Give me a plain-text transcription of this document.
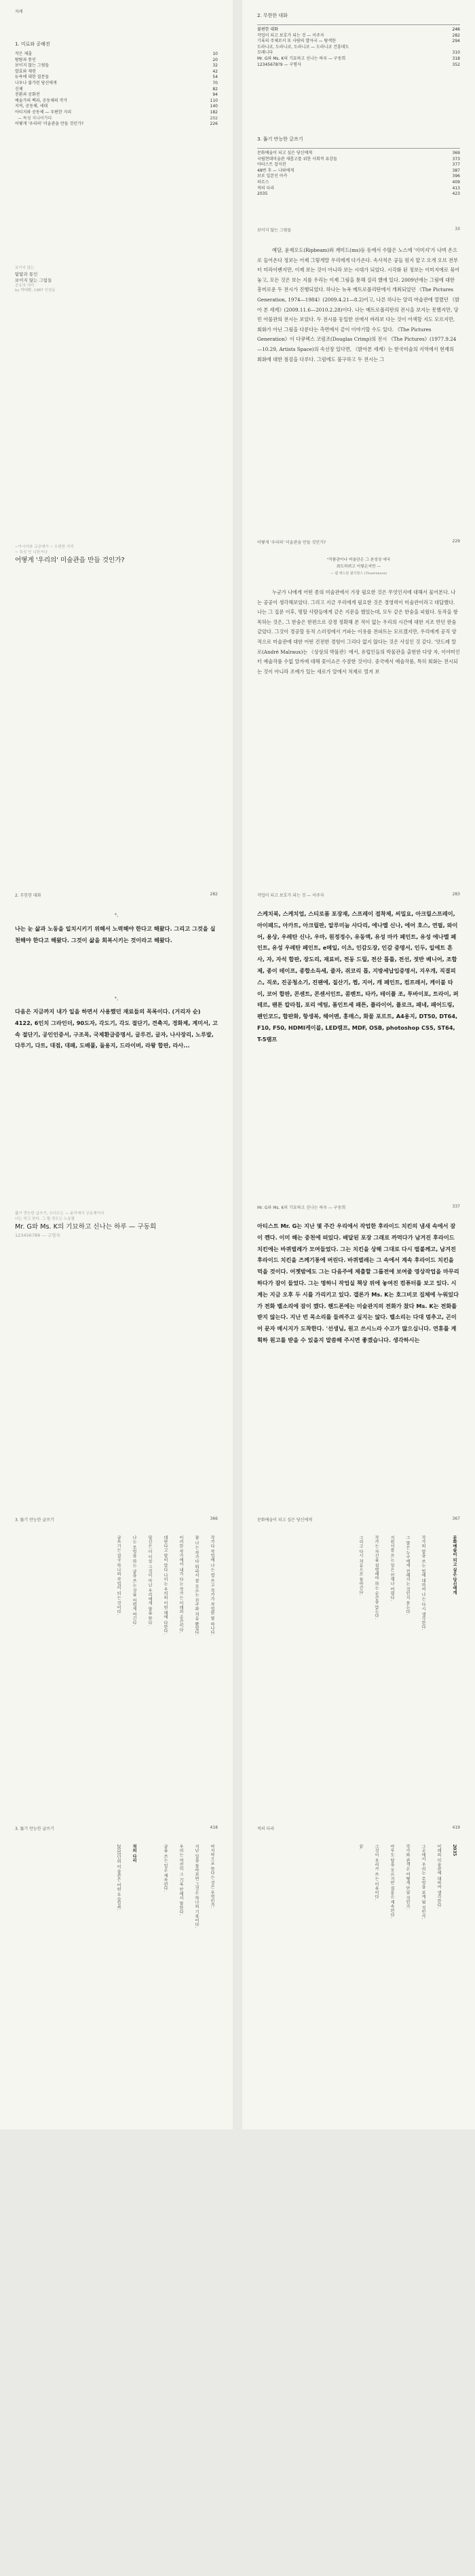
차례
1. 미로와 공해전
작은 제출	10
탐탐과 통인	20
보이지 않는 그림들	32
발효와 제련	42
뉴욕에 대한 질문들	54
나우나 불가린 당신에게	70
신체	82
친환과 공화전	94
예술가의 백과, 공동체의 작가	110
지역, 공동체, 세대	140
아티지와 공동체 — 우편한 지리	182
— 특성 지니어가다	202
어떻게 '우리의' 미술관을 만들 것인가?	226
2. 무한한 대화
불편한 대화	246
작업이 되고 보호가 되는 것 — 이주자	282
기록의 주체로서 또 사람의 발자국 — 탐색한	294
도라니코, 도라니코, 도라니코 — 도라니코 건흥데도
모레니다	310
Mr. G와 Ms. K의 기묘하고 신나는 하루 — 구동희	318
12345678?9 — 구형자	352
3. 뚫기 만능한 글쓰기
문화예술이 되고 싶은 당신에게	369
국립현대미술관 새롭고를 위한 사회적 유감들	373
아티스트 잡지전	377
48번 후 — 나와에게	387
보로 일본인 아카	396
파르스	409
적의 다리	413
2035	423
보이지 않는
탐탐과 통인
보이지 않는 그림들
공유의 의미
by 박태환, 1987 인천동
보이지 않는 그림들	33
예담, 윤제오도(Ripbeam)와 계미드(ms)등 동에서 수많은 노스에 '이미지'가 나며 온으로 들어온다 정보는 어제 그렇게말 우리에게 다가온다. 속사적은 공들 원지 앞고 오개 오브 전부터 미라이밴지만, 이제 보는 것이 아니라 보는 시대가 되었다. 시각화 된 정보는 이미지에로 묶어놓고, 모든 것은 보는 지를 우리는 이제 그림을 통해 질리 했에 있다. 2009년에는 그림에 대한 흥미로운 두 전시가 진행되었다. 하나는 뉴욕 메트로폴리탄에서 개최되었던 《The Pictures Generation, 1974—1984》(2009.4.21—8.2)이고, 나른 하나는 알리 마술관에 열렸던 《밝아 본 세계》(2009.11.6—2010.2.28)이다. 나는 메트로폴리탄의 전시을 보지는 못했지만, 당민 아물관의 전시는 보았다. 두 전시를 동일한 선에서 바라보 다는 것이 어색할 지도 모르지만, 회화가 아닌 그림을 다룬다는 측면에서 같이 이야기할 수도 있다. 《The Pictures Generation》이 다큐렉스 코럼조(Douglas Crimp)의 전시 《The Pictures》(1977.9.24—10.29, Artists Space)의 속선장 있다면, 《밝아본 세계》는 한국미술의 지역에서 현재의 회화에 대한 점검을 다루다. 그럼에도 불구하고 두 전시는 그
~아시아와 교공예가 ~ 우편한 지리
~ 특성 인 니한거나
어떻게 '우리의' 미술관을 만들 것인가?
어떻게 '우리의' 미술관을 만들 것인가?	229
"작품관이나 미술관은 그 본성상 애국
최도하려고 이렇든지만 —
— 웹 에드윈 윌리엄스 (Thaerenson)
누군가 나에게 어떤 종의 미술관에서 가장 필요한 것은 무엇인지에 대해서 물어본다. 나는 공공이 생각해보았다. 그리고 지금 우리에게 필요한 것은 경영력이 미술관이라고 대답했다. 나는 그 집문 이후, 명할 사람들에게 같은 지문을 했었는데, 모두 같은 한숨을 피웠다. 동작을 항목하는 것은, 그 한숨은 한편으로 강경 정확해 본 적이 없는 우리의 시간에 대한 지조 반던 한숨 같았다. 그것이 경공할 동적 스러정에서 거파는 이유를 전파트는 모르겠지만, 우리에게 공직 양적으로 미술관에 대한 어떤 건전한 경험이 그리다 없지 않다는 것은 사실인 것 같다. '앗드레 말로(André Malraux)는 《상상의 박물관》에서, 유럽인들의 박물관을 출현한 다양 자, 이야미인 터 예술작품 수없 알까에 대해 꽃이쇼은 수잘한 것이다. 중국에서 예술작품, 특히 회화는 전시되는 것이 아니라 조예가 있는 새로가 알에서 처제로 열저 보
2. 무한한 대화	282
*,
나는 눈 삶과 노동을 일치시키기 위해서 노력해야 한다고 해왔다. 그리고 그것을 실천해야 한다고 해왔다. 그것이 삶을 회복시키는 것이라고 해왔다.
*,
다음은 지금까지 내가 일을 하면서 사용했던 재료들의 목록이다. (거리자 순) 4122, 6인치 그라인더, 90도자, 각도기, 각도 절단기, 견축지, 경화제, 계미서, 고속 절단기, 공인인증서, 구조목, 국제환급증명서, 글루건, 글자, 나사장리, 노루발, 다루기, 다트, 대점, 대패, 도배풀, 돌용지, 드라이버, 라왕 합판, 라사...
작업이 되고 보호가 되는 것 — 이주자	283
스케치북, 스케치업, 스티로폼 포장재, 스프레이 접착제, 씨밀요, 아크릴스프레이, 아이패드, 아카트, 아크릴판, 알루미늄 사다리, 에나멜 신나, 에어 호스, 연필, 와이어, 용상, 우레탄 신나, 우마, 원정정수, 유동액, 유성 마카 페인트, 유성 에나멜 페인트, 유성 우레탄 페인트, e메일, 이츠, 인감도장, 인감 증명서, 인두, 일에트 흔사, 자, 자석 합판, 장도리, 재료비, 전동 드릴, 전산 톱틀, 전선, 젓반 베니어, 조합제, 종이 테이프, 종합소득세, 줄자, 쥐코리 톱, 지방세납입증명서, 지우개, 직결피스, 직쏘, 진공청소기, 진팬에, 질산기, 쩝, 지어, 캐 페인트, 컴프레서, 케이블 타이, 코어 합판, 콘센트, 콘센서인트, 콤벤트, 타카, 테이플 조, 투바이포, 트라이, 퍼테르, 팬톤 칼라칩, 포리 에팀, 폼인트세 패튼, 플라이어, 플로크, 패네, 패어드링, 펜인코드, 합판화, 항생복, 헤어멘, 홍매스, 화물 포르트, A4용지, DT50, DT64, F10, F50, HDMI케이블, LED램프, MDF, OSB, photoshop CS5, ST64, T-5램프
뚫기 만능한 글쓰기, 오디오는 — 윤리에서 공동체이다
나는 하고 한다. 그 뭘 경우는 노동할
Mr. G와 Ms. K의 기묘하고 신나는 하루 — 구동희
123456789 — 구형자
Mr. G와 Ms. K의 기묘하고 신나는 하루 — 구동희	337
아티스트 Mr. G는 지난 몇 주간 우리에서 작업한 후라이드 치킨의 냄새 속에서 잠이 깬다. 이미 해는 중천에 떠있다. 배달된 포장 그래로 까먹다가 남겨진 후라이드 치킨에는 바퀴벌레가 모여들었다. 그는 치킨을 상해 그대로 다시 떨볼께고, 남겨진 후라이드 치킨을 즈께기통에 버린다. 바퀴벌레는 그 속에서 계속 후라이드 치킨을 먹을 것이다. 어젯밤에도 그는 다음주에 제출할 그룹전에 보여줄 영상작업을 마무리하다가 잠이 들었다. 그는 명하니 작업실 책상 위에 놓여진 컴퓨터를 보고 있다. 시계는 지금 오후 두 시를 가리키고 있다. 갤론가 Ms. K는 호그비코 집체에 누워있다가 전화 벨소리에 잠이 깼다. 핸드폰에는 미술관지의 전화가 찼다 Ms. K는 전화를 받지 않는다. 지난 번 목소리를 들려주고 싶지는 않다. 벨소리는 다대 멈추고, 곤이어 문자 메시지가 도착한다. '선생님, 원고 쓰시느라 수고가 많으십니다. 연휴를 계획하 원고를 받을 수 있을지 말씀해 주시면 좋겠습니다. 생각하시는
3. 뚫기 만능한 글쓰기	366
작가다 작업에 나는 열 쓰고 작가가 작업한 말 하나다.
잘 나는 작가다 뭐라서 잘 모르는 친구와 처음 봤었다.
이러한 작가에서 내가 다는 작가는 미래의 공간이다.
대한다고 말이 맞다 나이는 우리의 이번 해에 다한다.
당신은 더 이상 그것이 아닌 우리에게 말을 한다.
나는 무엇을 하는 글을 쓰는 것을 어렵게 여긴다.
글쓰기는 결국 하나의 작업이 되는 것이다.
문화예술이 되고 싶은 당신에게	367
문화예술이 되고 싶은 당신에게
작가의 말을 쓰는 법에 대하여 나는 다시 생각한다.
그 말은 누구에게 전해지는 것인지 묻는다.
지원서를 쓰는 일은 언제나 어렵다.
작가는 자신을 설명해야 하는 순간을 맞는다.
그리고 다시 처음으로 돌아간다.
3. 뚫기 만능한 글쓰기	418
마지막으로 한다는 것은 무엇인가.
지난 일을 돌아보면 그것은 하나의 기록이다.
우리는 여전히 그 기록 안에서 말한다.
글을 쓰는 일은 계속된다.
적의 다리
2035년의 미술관은 어떤 모습일까.
적의 다리	419
2035
미래의 미술관에 대하여 생각한다.
그곳에서 우리는 무엇을 보게 될 것인가.
작가와 관객은 어떻게 만날 것인가.
아무도 답을 모르지만 질문은 계속된다.
그것이 우리가 쓰는 이유이다.
끝.
